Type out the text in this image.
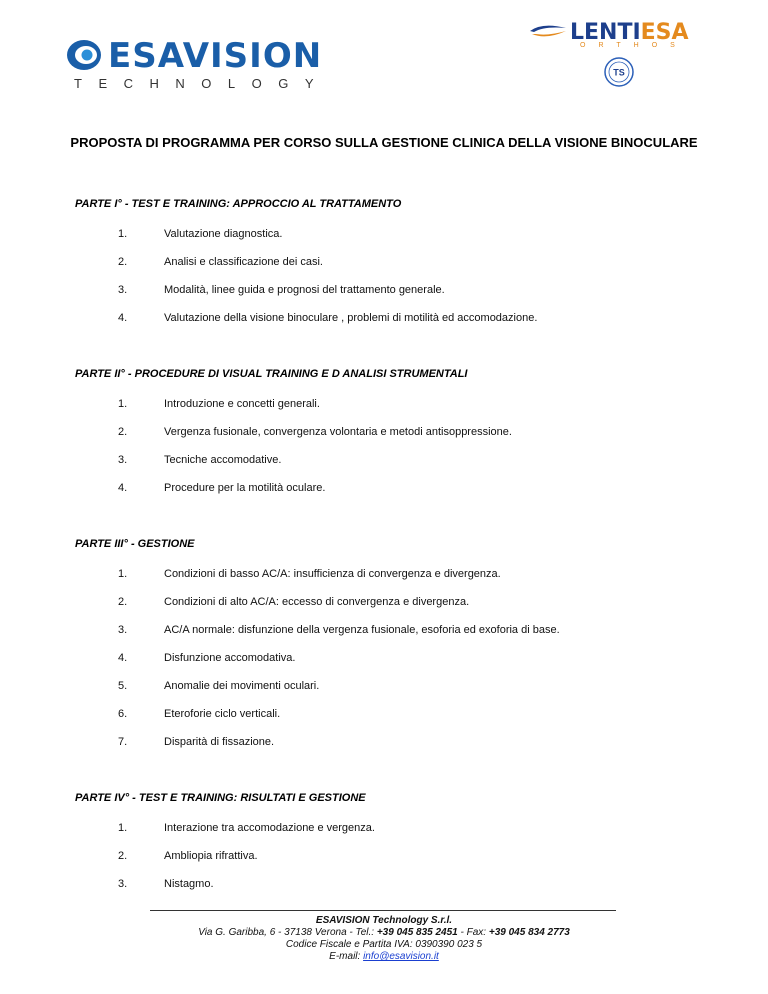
ESAVISION
TECHNOLOGY
LENTIESA
ORTHOS
TS
PROPOSTA DI PROGRAMMA PER CORSO SULLA GESTIONE CLINICA DELLA VISIONE BINOCULARE
PARTE I° - TEST E TRAINING: APPROCCIO AL TRATTAMENTO
1.	Valutazione diagnostica.
2.	Analisi e classificazione dei casi.
3.	Modalità, linee guida e prognosi del trattamento generale.
4.	Valutazione della visione binoculare , problemi di motilità ed accomodazione.
PARTE II° - PROCEDURE DI VISUAL TRAINING E D ANALISI STRUMENTALI
1.	Introduzione e concetti generali.
2.	Vergenza fusionale, convergenza volontaria e metodi antisoppressione.
3.	Tecniche accomodative.
4.	Procedure per la motilità oculare.
PARTE III° - GESTIONE
1.	Condizioni di basso AC/A: insufficienza di convergenza e divergenza.
2.	Condizioni di alto AC/A: eccesso di convergenza e divergenza.
3.	AC/A normale: disfunzione della vergenza fusionale, esoforia ed exoforia di base.
4.	Disfunzione accomodativa.
5.	Anomalie dei movimenti oculari.
6.	Eteroforie ciclo verticali.
7.	Disparità di fissazione.
PARTE IV° - TEST E TRAINING: RISULTATI E GESTIONE
1.	Interazione tra accomodazione e vergenza.
2.	Ambliopia rifrattiva.
3.	Nistagmo.
ESAVISION Technology S.r.l.
Via G. Garibba, 6 - 37138 Verona - Tel.: +39 045 835 2451 - Fax: +39 045 834 2773
Codice Fiscale e Partita IVA: 0390390 023 5
E-mail: info@esavision.it
